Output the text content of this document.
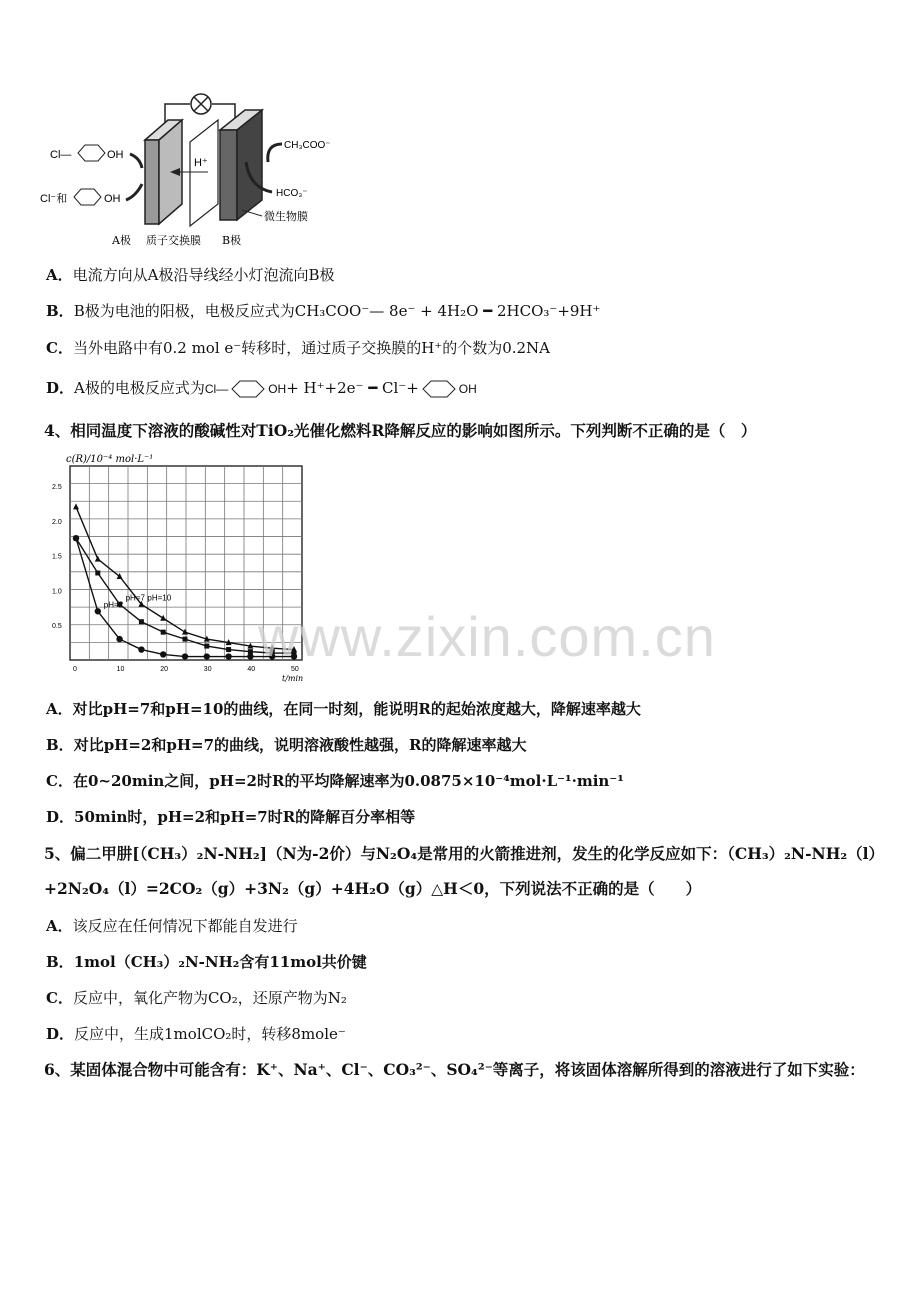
Cl—	OH
Cl⁻和	OH
H⁺
CH₃COO⁻
HCO₃⁻
微生物膜
A极 质子交换膜 B极
A．电流方向从A极沿导线经小灯泡流向B极
B．B极为电池的阳极，电极反应式为CH₃COO⁻— 8e⁻ + 4H₂O ━ 2HCO₃⁻+9H⁺
C．当外电路中有0.2 mol e⁻转移时，通过质子交换膜的H⁺的个数为0.2NA
D．A极的电极反应式为Cl—	OH+ H⁺+2e⁻ ━ Cl⁻+	OH
4、相同温度下溶液的酸碱性对TiO₂光催化燃料R降解反应的影响如图所示。下列判断不正确的是（　）
c(R)/10⁻⁴ mol·L⁻¹
t/min
pH=10
pH=7
pH=2
0	10	20	30	40	50
0.5
1.0
1.5
2.0
2.5
www.zixin.com.cn
A．对比pH=7和pH=10的曲线，在同一时刻，能说明R的起始浓度越大，降解速率越大
B．对比pH=2和pH=7的曲线，说明溶液酸性越强，R的降解速率越大
C．在0~20min之间，pH=2时R的平均降解速率为0.0875×10⁻⁴mol·L⁻¹·min⁻¹
D．50min时，pH=2和pH=7时R的降解百分率相等
5、偏二甲肼[（CH₃）₂N-NH₂]（N为-2价）与N₂O₄是常用的火箭推进剂，发生的化学反应如下：（CH₃）₂N-NH₂（l）
+2N₂O₄（l）=2CO₂（g）+3N₂（g）+4H₂O（g）△H＜0，下列说法不正确的是（　　）
A．该反应在任何情况下都能自发进行
B．1mol（CH₃）₂N-NH₂含有11mol共价键
C．反应中，氧化产物为CO₂，还原产物为N₂
D．反应中，生成1molCO₂时，转移8mole⁻
6、某固体混合物中可能含有：K⁺、Na⁺、Cl⁻、CO₃²⁻、SO₄²⁻等离子，将该固体溶解所得到的溶液进行了如下实验：
